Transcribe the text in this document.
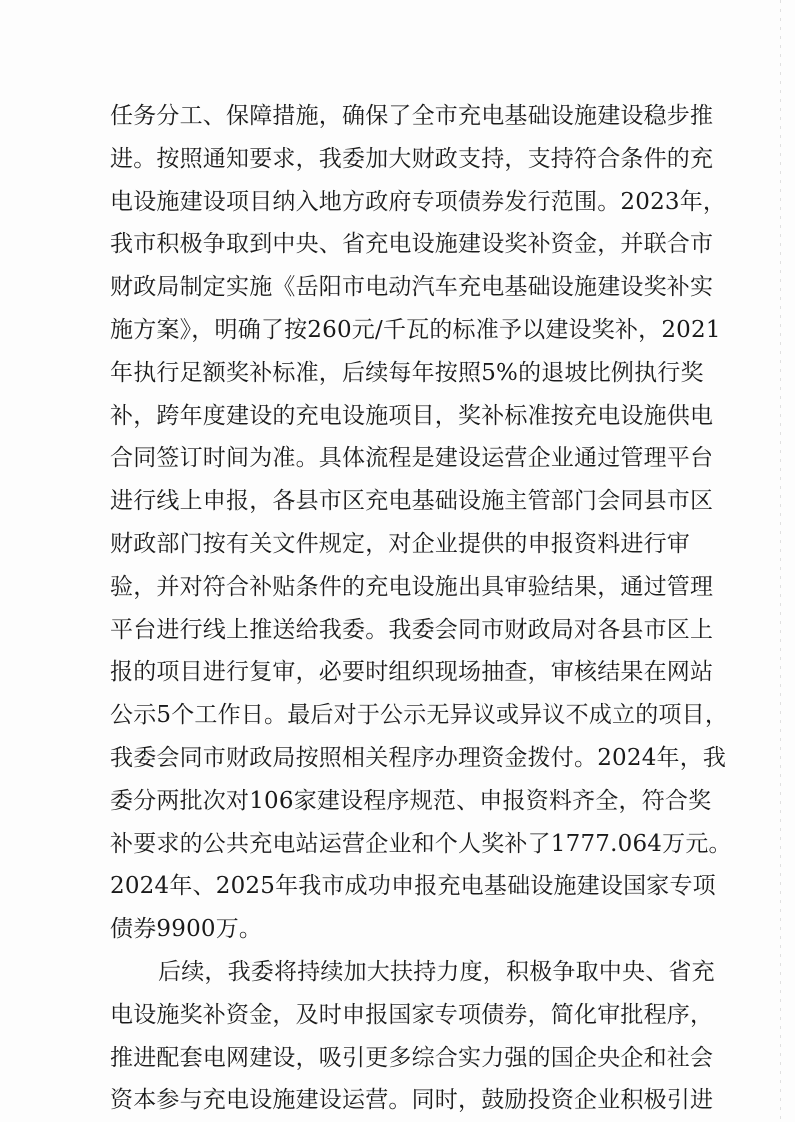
任务分工、保障措施，确保了全市充电基础设施建设稳步推
进。按照通知要求，我委加大财政支持，支持符合条件的充
电设施建设项目纳入地方政府专项债券发行范围。2023年，
我市积极争取到中央、省充电设施建设奖补资金，并联合市
财政局制定实施《岳阳市电动汽车充电基础设施建设奖补实
施方案》，明确了按260元/千瓦的标准予以建设奖补，2021
年执行足额奖补标准，后续每年按照5%的退坡比例执行奖
补，跨年度建设的充电设施项目，奖补标准按充电设施供电
合同签订时间为准。具体流程是建设运营企业通过管理平台
进行线上申报，各县市区充电基础设施主管部门会同县市区
财政部门按有关文件规定，对企业提供的申报资料进行审
验，并对符合补贴条件的充电设施出具审验结果，通过管理
平台进行线上推送给我委。我委会同市财政局对各县市区上
报的项目进行复审，必要时组织现场抽查，审核结果在网站
公示5个工作日。最后对于公示无异议或异议不成立的项目，
我委会同市财政局按照相关程序办理资金拨付。2024年，我
委分两批次对106家建设程序规范、申报资料齐全，符合奖
补要求的公共充电站运营企业和个人奖补了1777.064万元。
2024年、2025年我市成功申报充电基础设施建设国家专项
债券9900万。
后续，我委将持续加大扶持力度，积极争取中央、省充
电设施奖补资金，及时申报国家专项债券，简化审批程序，
推进配套电网建设，吸引更多综合实力强的国企央企和社会
资本参与充电设施建设运营。同时，鼓励投资企业积极引进
